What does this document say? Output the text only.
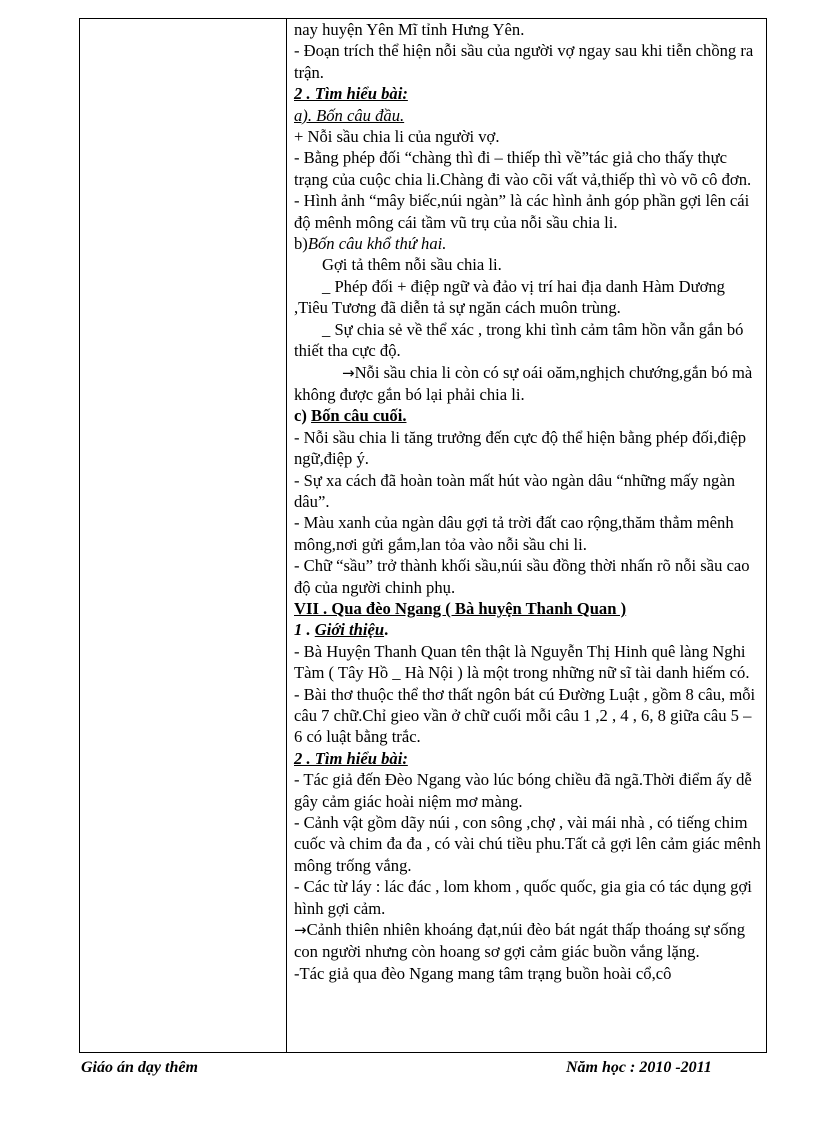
nay huyện Yên Mĩ tỉnh Hưng Yên.

- Đoạn trích thể hiện nỗi sầu của người vợ ngay sau khi tiễn chồng ra trận.

2 . Tìm hiểu bài:

a). Bốn câu đầu.

+ Nỗi sầu chia li của người vợ.

- Bằng phép đối “chàng thì đi – thiếp thì về”tác giả cho thấy thực trạng của cuộc chia li.Chàng đi vào cõi vất vả,thiếp thì vò võ cô đơn.

- Hình ảnh “mây biếc,núi ngàn” là các hình ảnh góp phần gợi lên cái độ mênh mông cái tầm vũ trụ của nỗi sầu chia li.

b)Bốn câu khổ thứ hai.

Gợi tả thêm nỗi sầu chia li.

_ Phép đối + điệp ngữ và đảo vị trí hai địa danh Hàm Dương ,Tiêu Tương đã diễn tả sự ngăn cách muôn trùng.

_ Sự chia sẻ về thể xác , trong khi tình cảm tâm hồn vẫn gắn bó thiết tha cực độ.

→Nỗi sầu chia li còn có sự oái oăm,nghịch chướng,gắn bó mà không được gắn bó lại phải chia li.

c) Bốn câu cuối.

- Nỗi sầu chia li tăng trưởng đến cực độ thể hiện bằng phép đối,điệp ngữ,điệp ý.

- Sự xa cách đã hoàn toàn mất hút vào ngàn dâu “những mấy ngàn dâu”.

- Màu xanh của ngàn dâu gợi tả trời đất cao rộng,thăm thẳm mênh mông,nơi gửi gắm,lan tỏa vào nỗi sầu chi li.

- Chữ “sầu” trở thành khối sầu,núi sầu đồng thời nhấn rõ nỗi sầu cao độ của người chinh phụ.

VII . Qua đèo Ngang ( Bà huyện Thanh Quan )

1 . Giới thiệu.

- Bà Huyện Thanh Quan tên thật là Nguyễn Thị Hinh quê làng Nghi Tàm ( Tây Hồ _ Hà Nội ) là một trong những nữ sĩ tài danh hiếm có.

- Bài thơ thuộc thể thơ thất ngôn bát cú Đường Luật , gồm 8 câu, mỗi câu 7 chữ.Chỉ gieo vần ở chữ cuối mỗi câu 1 ,2 , 4 , 6, 8 giữa câu 5 – 6 có luật bằng trắc.

2 . Tìm hiểu bài:

- Tác giả đến Đèo Ngang vào lúc bóng chiều đã ngã.Thời điểm ấy dễ gây cảm giác hoài niệm mơ màng.

- Cảnh vật gồm dãy núi , con sông ,chợ , vài mái nhà , có tiếng chim cuốc và chim đa đa , có vài chú tiều phu.Tất cả gợi lên cảm giác mênh mông trống vắng.

- Các từ láy : lác đác , lom khom , quốc quốc, gia gia có tác dụng gợi hình gợi cảm.

→Cảnh thiên nhiên khoáng đạt,núi đèo bát ngát thấp thoáng sự sống con người nhưng còn hoang sơ gợi cảm giác buồn vắng lặng.

-Tác giả qua đèo Ngang mang tâm trạng buồn hoài cổ,cô

Giáo án dạy thêm	Năm học : 2010 -2011
